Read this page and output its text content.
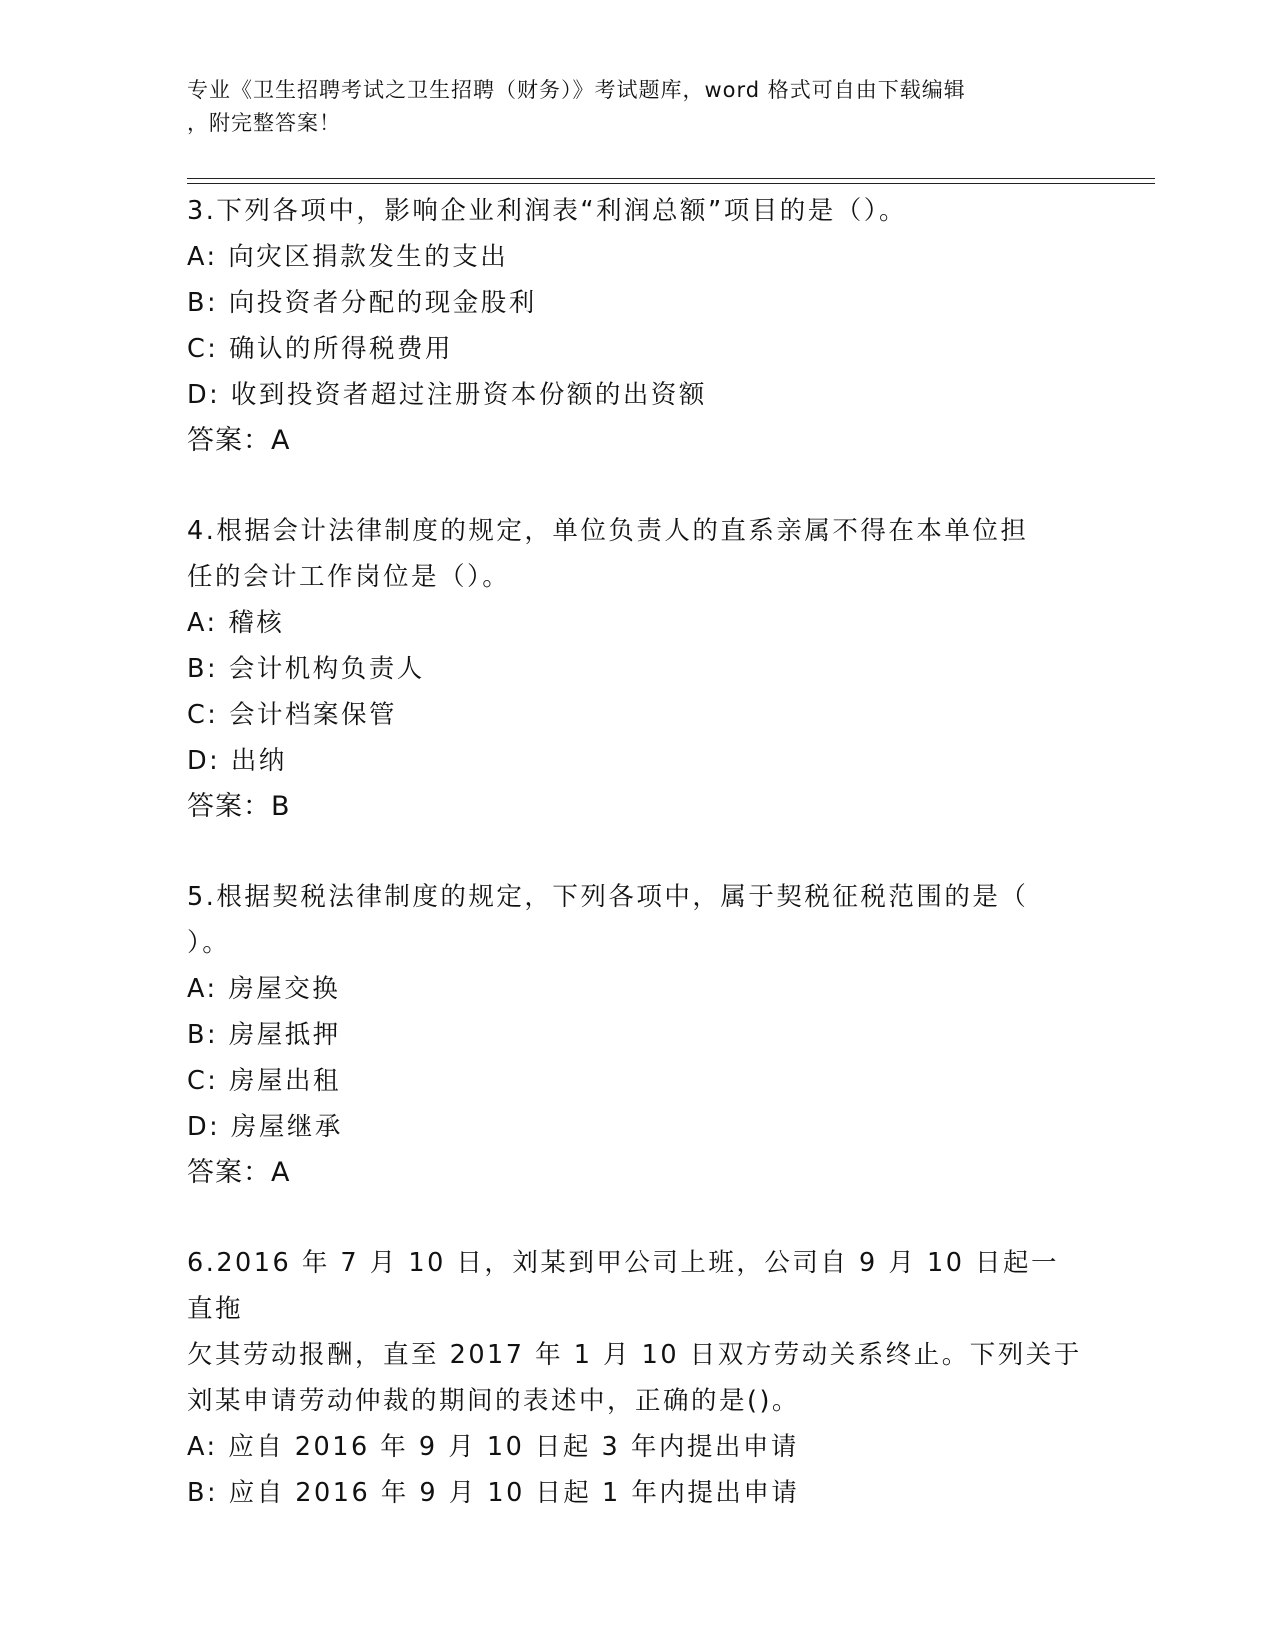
专业《卫生招聘考试之卫生招聘（财务）》考试题库，word 格式可自由下载编辑
，附完整答案！
3.下列各项中，影响企业利润表“利润总额”项目的是（）。
A: 向灾区捐款发生的支出
B: 向投资者分配的现金股利
C: 确认的所得税费用
D: 收到投资者超过注册资本份额的出资额
答案：A
4.根据会计法律制度的规定，单位负责人的直系亲属不得在本单位担
任的会计工作岗位是（）。
A: 稽核
B: 会计机构负责人
C: 会计档案保管
D: 出纳
答案：B
5.根据契税法律制度的规定，下列各项中，属于契税征税范围的是（
）。
A: 房屋交换
B: 房屋抵押
C: 房屋出租
D: 房屋继承
答案：A
6.2016 年 7 月 10 日，刘某到甲公司上班，公司自 9 月 10 日起一直拖
欠其劳动报酬，直至 2017 年 1 月 10 日双方劳动关系终止。下列关于
刘某申请劳动仲裁的期间的表述中，正确的是()。
A: 应自 2016 年 9 月 10 日起 3 年内提出申请
B: 应自 2016 年 9 月 10 日起 1 年内提出申请
